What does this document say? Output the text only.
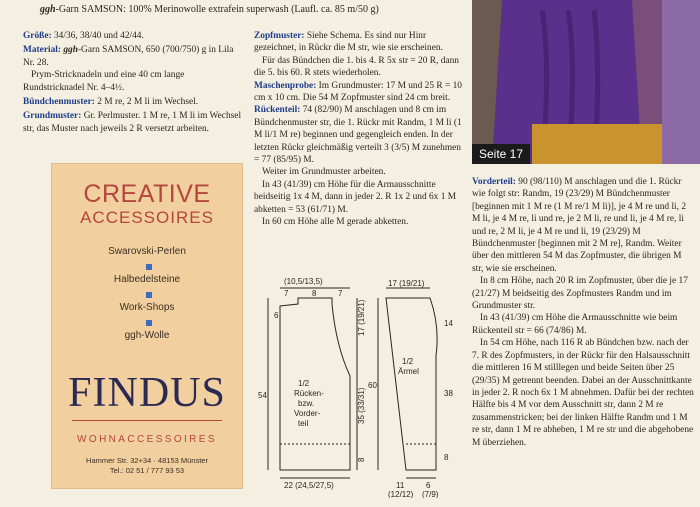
ggh-Garn SAMSON: 100% Merinowolle extrafein superwash (Laufl. ca. 85 m/50 g)

Größe: 34/36, 38/40 und 42/44.

Material: ggh-Garn SAMSON, 650 (700/750) g in Lila Nr. 28.

Prym-Stricknadeln und eine 40 cm lange Rundstricknadel Nr. 4–4½.

Bündchenmuster: 2 M re, 2 M li im Wechsel.

Grundmuster: Gr. Perlmuster. 1 M re, 1 M li im Wechsel str, das Muster nach jeweils 2 R versetzt arbeiten.

CREATIVE
ACCESSOIRES
Swarovski-Perlen
Halbedelsteine
Work-Shops
ggh-Wolle
FINDUS
WOHNACCESSOIRES
Hammer Str. 32+34 · 48153 Münster
Tel.: 02 51 / 777 93 53

Zopfmuster: Siehe Schema. Es sind nur Hinr gezeichnet, in Rückr die M str, wie sie erscheinen.

Für das Bündchen die 1. bis 4. R 5x str = 20 R, dann die 5. bis 60. R stets wiederholen.

Maschenprobe: Im Grundmuster: 17 M und 25 R = 10 cm x 10 cm. Die 54 M Zopfmuster sind 24 cm breit.

Rückenteil: 74 (82/90) M anschlagen und 8 cm im Bündchenmuster str, die 1. Rückr mit Randm, 1 M li (1 M li/1 M re) beginnen und gegengleich enden. In der letzten Rückr gleichmäßig verteilt 3 (3/5) M zunehmen = 77 (85/95) M.

Weiter im Grundmuster arbeiten.

In 43 (41/39) cm Höhe für die Armausschnitte beidseitig 1x 4 M, dann in jeder 2. R 1x 2 und 6x 1 M abketten = 53 (61/71) M.

In 60 cm Höhe alle M gerade abketten.

(10,5/13,5)
7	8	7
6
54
1/2
Rücken-
bzw.
Vorder-
teil
17 (19/21)
35 (33/31)
8
22 (24,5/27,5)
17 (19/21)
60
1/2
Ärmel
14
38
8
11
(12/12)
6
(7/9)
Seite 17

Vorderteil: 90 (98/110) M anschlagen und die 1. Rückr wie folgt str: Randm, 19 (23/29) M Bündchenmuster [beginnen mit 1 M re (1 M re/1 M li)], je 4 M re und li, 2 M li, je 4 M re, li und re, je 2 M li, re und li, je 4 M re, li und re, 2 M li, je 4 M re und li, 19 (23/29) M Bündchenmuster [beginnen mit 2 M re], Randm. Weiter über den mittleren 54 M das Zopfmuster, die übrigen M str, wie sie erscheinen.

In 8 cm Höhe, nach 20 R im Zopfmuster, über die je 17 (21/27) M beidseitig des Zopfmusters Randm und im Grundmuster str.

In 43 (41/39) cm Höhe die Armausschnitte wie beim Rückenteil str = 66 (74/86) M.

In 54 cm Höhe, nach 116 R ab Bündchen bzw. nach der 7. R des Zopfmusters, in der Rückr für den Halsausschnitt die mittleren 16 M stilllegen und beide Seiten über 25 (29/35) M getrennt beenden. Dabei an der Ausschnittkante in jeder 2. R noch 6x 1 M abnehmen. Dafür bei der rechten Hälfte bis 4 M vor dem Ausschnitt str, dann 2 M re zusammenstricken; bei der linken Hälfte Randm und 1 M re str, dann 1 M re abheben, 1 M re str und die abgehobene M überziehen.
